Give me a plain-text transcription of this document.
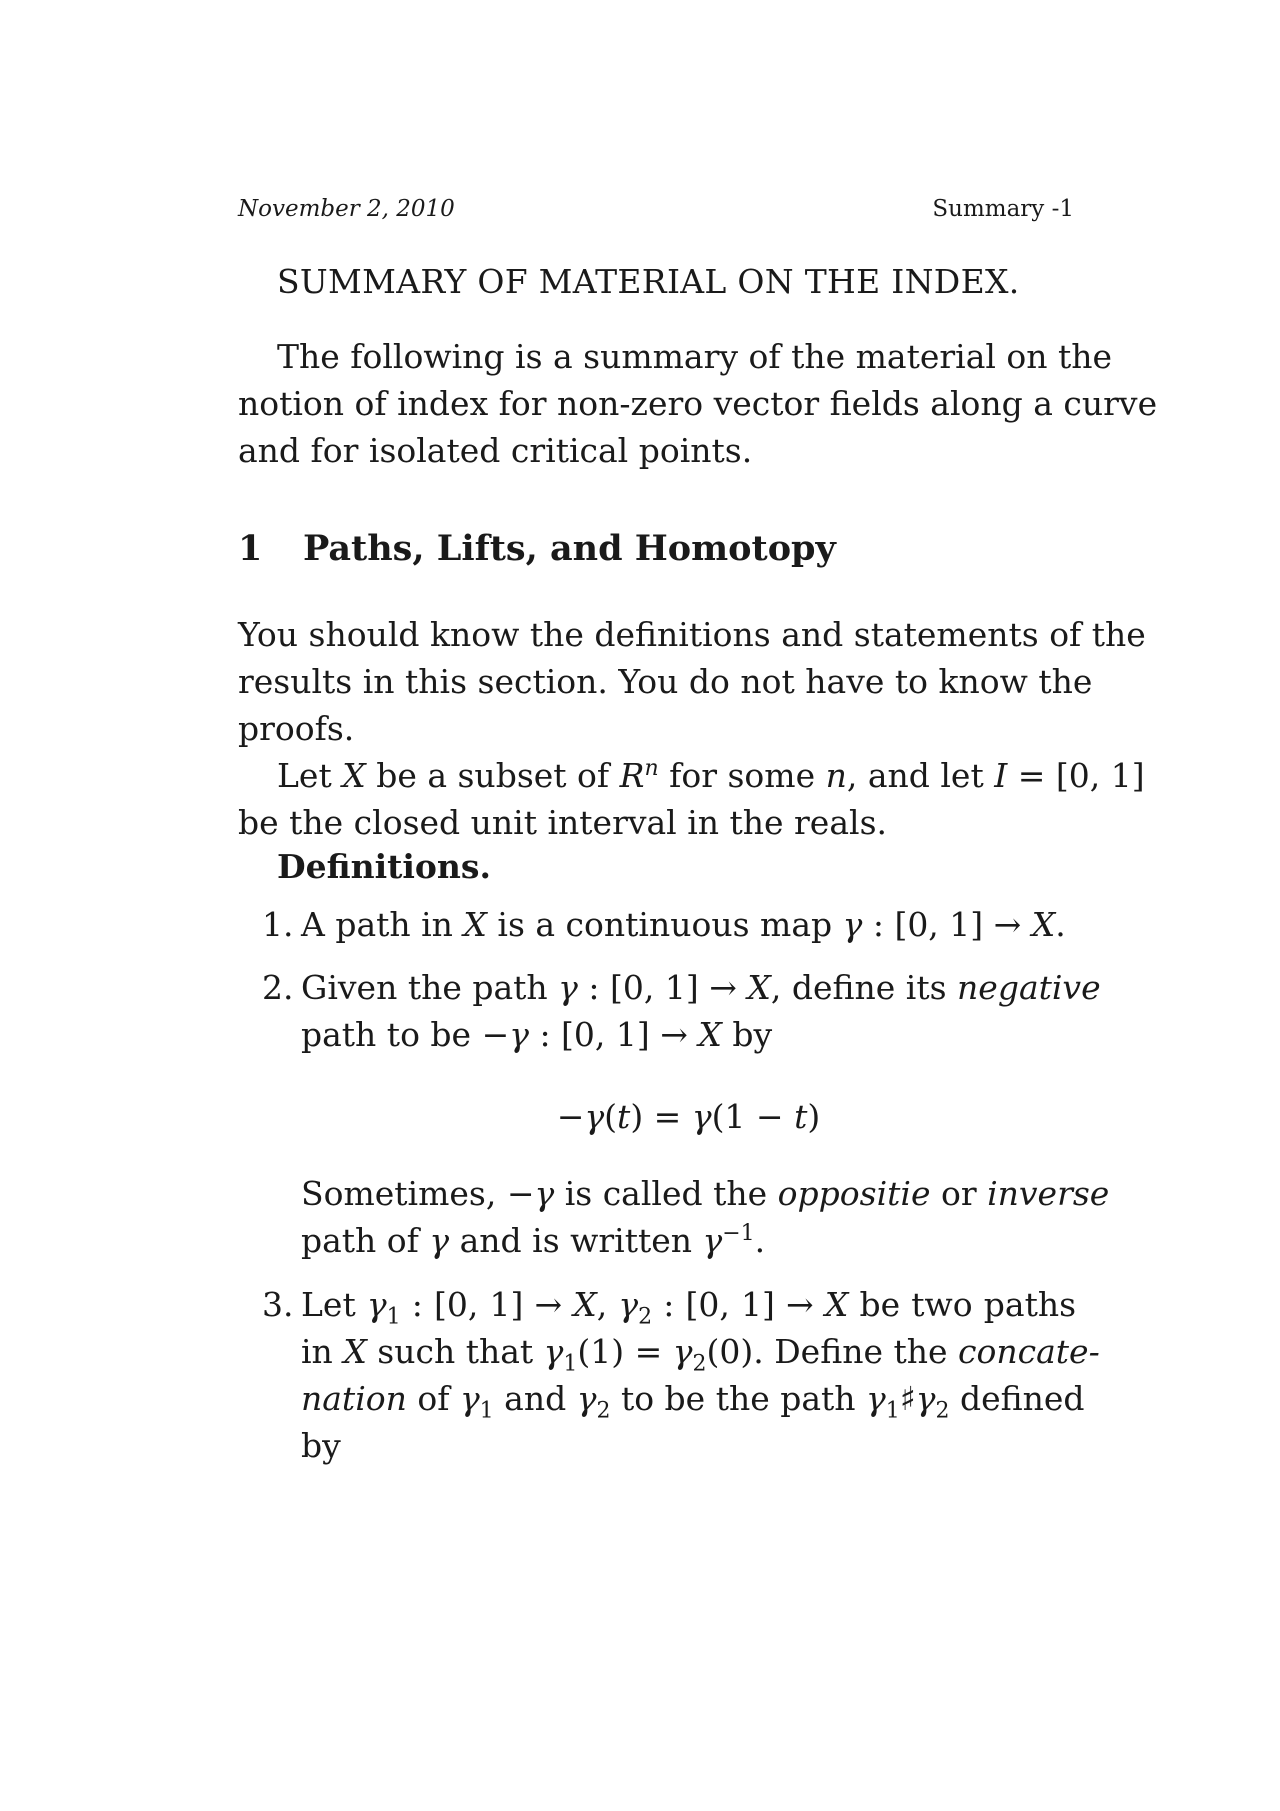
November 2, 2010	Summary -1
SUMMARY OF MATERIAL ON THE INDEX.
The following is a summary of the material on the
notion of index for non-zero vector fields along a curve
and for isolated critical points.
1 Paths, Lifts, and Homotopy
You should know the definitions and statements of the
results in this section. You do not have to know the
proofs.
Let X be a subset of $R^n$ for some n, and let I = [0, 1]
be the closed unit interval in the reals.
Definitions.
1. A path in X is a continuous map γ : [0, 1] → X.
2. Given the path γ : [0, 1] → X, define its negative
path to be −γ : [0, 1] → X by
−γ(t) = γ(1 − t)
Sometimes, −γ is called the oppositie or inverse
path of γ and is written $\gamma^{-1}$.
3. Let $\gamma_1$ : [0, 1] → X, $\gamma_2$ : [0, 1] → X be two paths
in X such that $\gamma_1(1) = \gamma_2(0)$. Define the concate-
nation of $\gamma_1$ and $\gamma_2$ to be the path $\gamma_1♯\gamma_2$ defined
by
